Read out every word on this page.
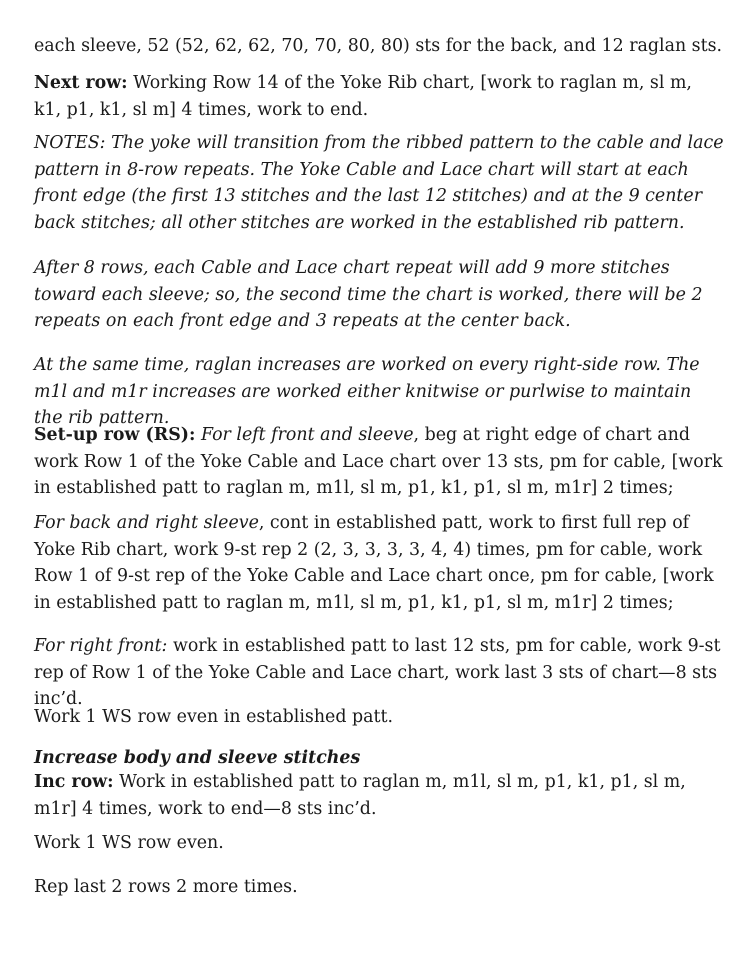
each sleeve, 52 (52, 62, 62, 70, 70, 80, 80) sts for the back, and 12 raglan sts.

Next row: Working Row 14 of the Yoke Rib chart, [work to raglan m, sl m, k1, p1, k1, sl m] 4 times, work to end.

NOTES: The yoke will transition from the ribbed pattern to the cable and lace pattern in 8-row repeats. The Yoke Cable and Lace chart will start at each front edge (the first 13 stitches and the last 12 stitches) and at the 9 center back stitches; all other stitches are worked in the established rib pattern.

After 8 rows, each Cable and Lace chart repeat will add 9 more stitches toward each sleeve; so, the second time the chart is worked, there will be 2 repeats on each front edge and 3 repeats at the center back.

At the same time, raglan increases are worked on every right-side row. The m1l and m1r increases are worked either knitwise or purlwise to maintain the rib pattern.

Set-up row (RS): For left front and sleeve, beg at right edge of chart and work Row 1 of the Yoke Cable and Lace chart over 13 sts, pm for cable, [work in established patt to raglan m, m1l, sl m, p1, k1, p1, sl m, m1r] 2 times;

For back and right sleeve, cont in established patt, work to first full rep of Yoke Rib chart, work 9-st rep 2 (2, 3, 3, 3, 3, 4, 4) times, pm for cable, work Row 1 of 9-st rep of the Yoke Cable and Lace chart once, pm for cable, [work in established patt to raglan m, m1l, sl m, p1, k1, p1, sl m, m1r] 2 times;

For right front: work in established patt to last 12 sts, pm for cable, work 9-st rep of Row 1 of the Yoke Cable and Lace chart, work last 3 sts of chart—8 sts inc’d.

Work 1 WS row even in established patt.

Increase body and sleeve stitches

Inc row: Work in established patt to raglan m, m1l, sl m, p1, k1, p1, sl m, m1r] 4 times, work to end—8 sts inc’d.

Work 1 WS row even.

Rep last 2 rows 2 more times.
